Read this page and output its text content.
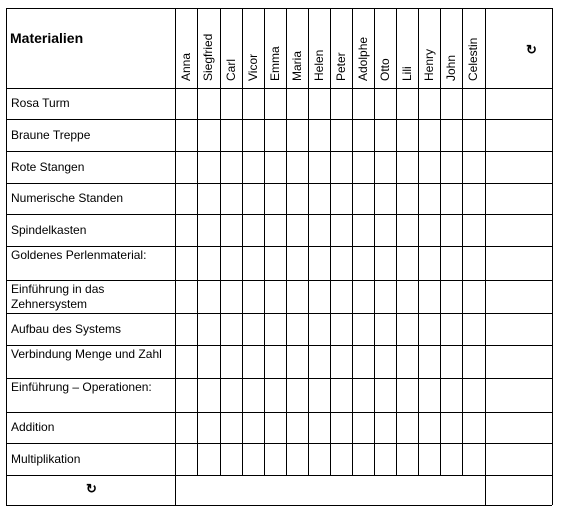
Materialien
↻
↻
Anna Siegfried Carl Vicor Emma Maria Helen Peter Adolphe Otto Lili Henry John Celestin
Rosa Turm
Braune Treppe
Rote Stangen
Numerische Standen
Spindelkasten
Goldenes Perlenmaterial:
Einführung in das Zehnersystem
Aufbau des Systems
Verbindung Menge und Zahl
Einführung – Operationen:
Addition
Multiplikation
